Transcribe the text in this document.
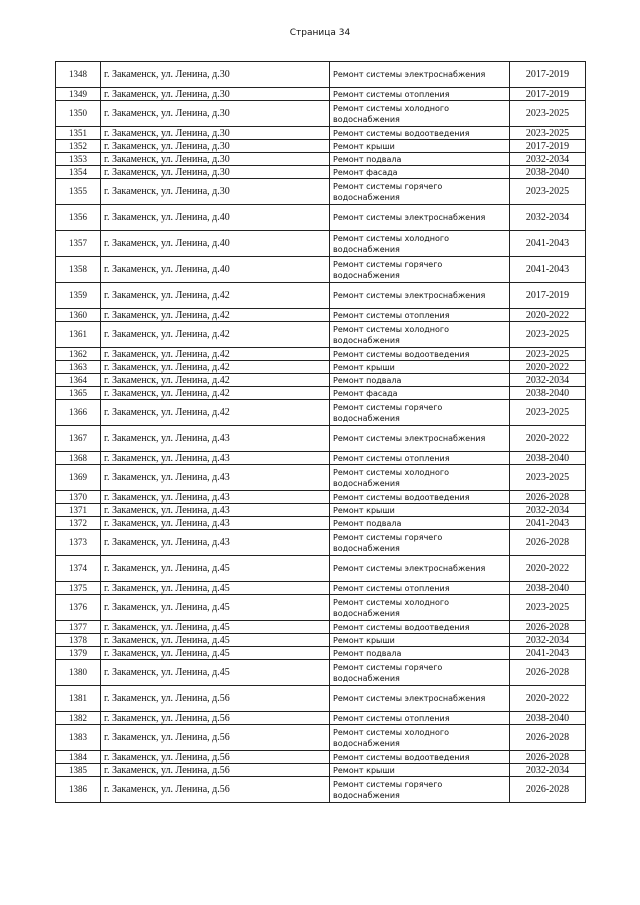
Страница 34
1348	г. Закаменск, ул. Ленина, д.30	Ремонт системы электроснабжения	2017-2019
1349	г. Закаменск, ул. Ленина, д.30	Ремонт системы отопления	2017-2019
1350	г. Закаменск, ул. Ленина, д.30	Ремонт системы холодного водоснабжения	2023-2025
1351	г. Закаменск, ул. Ленина, д.30	Ремонт системы водоотведения	2023-2025
1352	г. Закаменск, ул. Ленина, д.30	Ремонт крыши	2017-2019
1353	г. Закаменск, ул. Ленина, д.30	Ремонт подвала	2032-2034
1354	г. Закаменск, ул. Ленина, д.30	Ремонт фасада	2038-2040
1355	г. Закаменск, ул. Ленина, д.30	Ремонт системы горячего водоснабжения	2023-2025
1356	г. Закаменск, ул. Ленина, д.40	Ремонт системы электроснабжения	2032-2034
1357	г. Закаменск, ул. Ленина, д.40	Ремонт системы холодного водоснабжения	2041-2043
1358	г. Закаменск, ул. Ленина, д.40	Ремонт системы горячего водоснабжения	2041-2043
1359	г. Закаменск, ул. Ленина, д.42	Ремонт системы электроснабжения	2017-2019
1360	г. Закаменск, ул. Ленина, д.42	Ремонт системы отопления	2020-2022
1361	г. Закаменск, ул. Ленина, д.42	Ремонт системы холодного водоснабжения	2023-2025
1362	г. Закаменск, ул. Ленина, д.42	Ремонт системы водоотведения	2023-2025
1363	г. Закаменск, ул. Ленина, д.42	Ремонт крыши	2020-2022
1364	г. Закаменск, ул. Ленина, д.42	Ремонт подвала	2032-2034
1365	г. Закаменск, ул. Ленина, д.42	Ремонт фасада	2038-2040
1366	г. Закаменск, ул. Ленина, д.42	Ремонт системы горячего водоснабжения	2023-2025
1367	г. Закаменск, ул. Ленина, д.43	Ремонт системы электроснабжения	2020-2022
1368	г. Закаменск, ул. Ленина, д.43	Ремонт системы отопления	2038-2040
1369	г. Закаменск, ул. Ленина, д.43	Ремонт системы холодного водоснабжения	2023-2025
1370	г. Закаменск, ул. Ленина, д.43	Ремонт системы водоотведения	2026-2028
1371	г. Закаменск, ул. Ленина, д.43	Ремонт крыши	2032-2034
1372	г. Закаменск, ул. Ленина, д.43	Ремонт подвала	2041-2043
1373	г. Закаменск, ул. Ленина, д.43	Ремонт системы горячего водоснабжения	2026-2028
1374	г. Закаменск, ул. Ленина, д.45	Ремонт системы электроснабжения	2020-2022
1375	г. Закаменск, ул. Ленина, д.45	Ремонт системы отопления	2038-2040
1376	г. Закаменск, ул. Ленина, д.45	Ремонт системы холодного водоснабжения	2023-2025
1377	г. Закаменск, ул. Ленина, д.45	Ремонт системы водоотведения	2026-2028
1378	г. Закаменск, ул. Ленина, д.45	Ремонт крыши	2032-2034
1379	г. Закаменск, ул. Ленина, д.45	Ремонт подвала	2041-2043
1380	г. Закаменск, ул. Ленина, д.45	Ремонт системы горячего водоснабжения	2026-2028
1381	г. Закаменск, ул. Ленина, д.56	Ремонт системы электроснабжения	2020-2022
1382	г. Закаменск, ул. Ленина, д.56	Ремонт системы отопления	2038-2040
1383	г. Закаменск, ул. Ленина, д.56	Ремонт системы холодного водоснабжения	2026-2028
1384	г. Закаменск, ул. Ленина, д.56	Ремонт системы водоотведения	2026-2028
1385	г. Закаменск, ул. Ленина, д.56	Ремонт крыши	2032-2034
1386	г. Закаменск, ул. Ленина, д.56	Ремонт системы горячего водоснабжения	2026-2028
